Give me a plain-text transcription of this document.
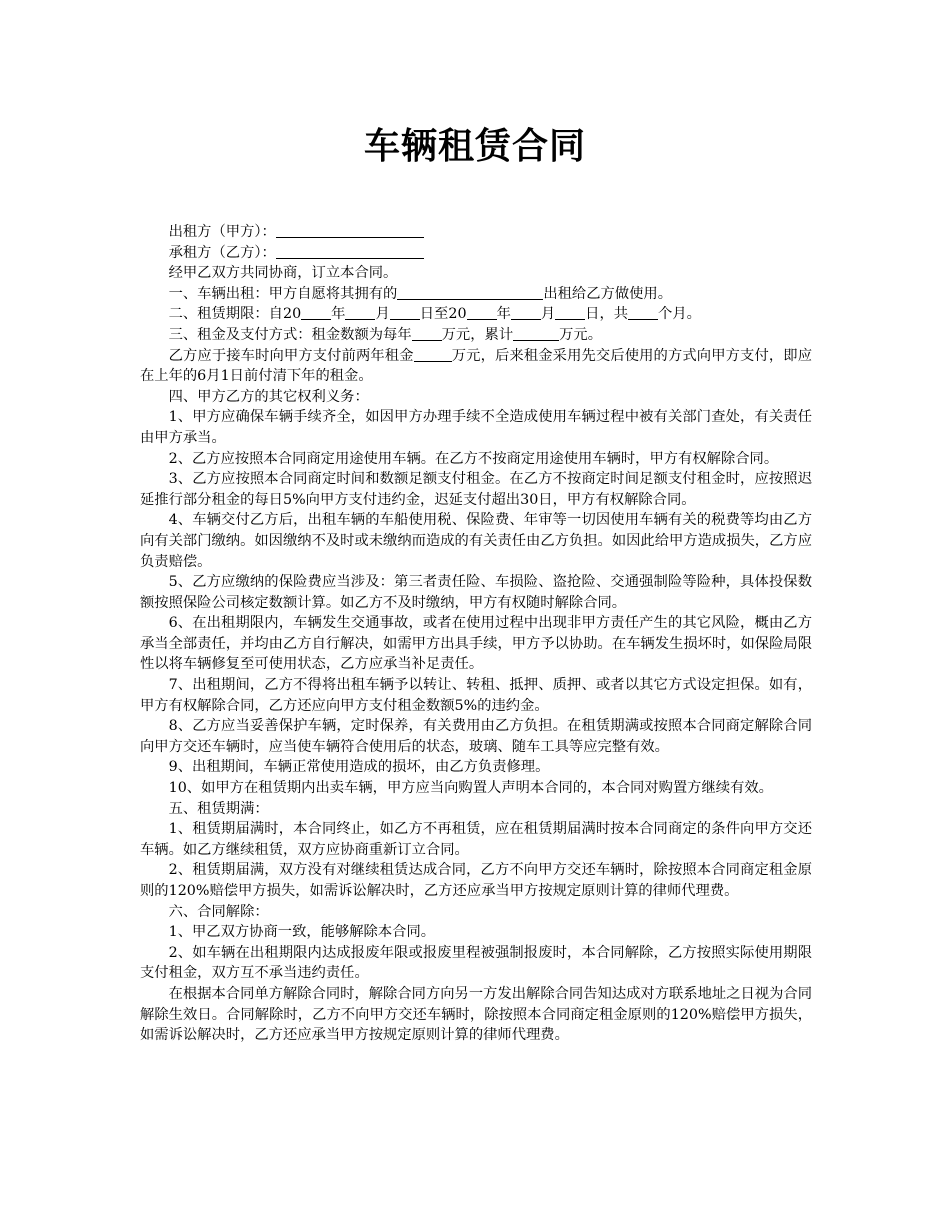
车辆租赁合同

出租方（甲方）：

承租方（乙方）：

经甲乙双方共同协商，订立本合同。

一、车辆出租：甲方自愿将其拥有的	出租给乙方做使用。

二、租赁期限：自20 年 月 日至20 年 月 日，共 个月。

三、租金及支付方式：租金数额为每年 万元，累计	万元。

乙方应于接车时向甲方支付前两年租金	万元，后来租金采用先交后使用的方式向甲方支付，即应在上年的6月1日前付清下年的租金。

四、甲方乙方的其它权利义务：

1、甲方应确保车辆手续齐全，如因甲方办理手续不全造成使用车辆过程中被有关部门查处，有关责任由甲方承当。

2、乙方应按照本合同商定用途使用车辆。在乙方不按商定用途使用车辆时，甲方有权解除合同。

3、乙方应按照本合同商定时间和数额足额支付租金。在乙方不按商定时间足额支付租金时，应按照迟延推行部分租金的每日5%向甲方支付违约金，迟延支付超出30日，甲方有权解除合同。

4、车辆交付乙方后，出租车辆的车船使用税、保险费、年审等一切因使用车辆有关的税费等均由乙方向有关部门缴纳。如因缴纳不及时或未缴纳而造成的有关责任由乙方负担。如因此给甲方造成损失，乙方应负责赔偿。

5、乙方应缴纳的保险费应当涉及：第三者责任险、车损险、盗抢险、交通强制险等险种，具体投保数额按照保险公司核定数额计算。如乙方不及时缴纳，甲方有权随时解除合同。

6、在出租期限内，车辆发生交通事故，或者在使用过程中出现非甲方责任产生的其它风险，概由乙方承当全部责任，并均由乙方自行解决，如需甲方出具手续，甲方予以协助。在车辆发生损坏时，如保险局限性以将车辆修复至可使用状态，乙方应承当补足责任。

7、出租期间，乙方不得将出租车辆予以转让、转租、抵押、质押、或者以其它方式设定担保。如有，甲方有权解除合同，乙方还应向甲方支付租金数额5%的违约金。

8、乙方应当妥善保护车辆，定时保养，有关费用由乙方负担。在租赁期满或按照本合同商定解除合同向甲方交还车辆时，应当使车辆符合使用后的状态，玻璃、随车工具等应完整有效。

9、出租期间，车辆正常使用造成的损坏，由乙方负责修理。

10、如甲方在租赁期内出卖车辆，甲方应当向购置人声明本合同的，本合同对购置方继续有效。

五、租赁期满：

1、租赁期届满时，本合同终止，如乙方不再租赁，应在租赁期届满时按本合同商定的条件向甲方交还车辆。如乙方继续租赁，双方应协商重新订立合同。

2、租赁期届满，双方没有对继续租赁达成合同，乙方不向甲方交还车辆时，除按照本合同商定租金原则的120%赔偿甲方损失，如需诉讼解决时，乙方还应承当甲方按规定原则计算的律师代理费。

六、合同解除：

1、甲乙双方协商一致，能够解除本合同。

2、如车辆在出租期限内达成报废年限或报废里程被强制报废时，本合同解除，乙方按照实际使用期限支付租金，双方互不承当违约责任。

在根据本合同单方解除合同时，解除合同方向另一方发出解除合同告知达成对方联系地址之日视为合同解除生效日。合同解除时，乙方不向甲方交还车辆时，除按照本合同商定租金原则的120%赔偿甲方损失，如需诉讼解决时，乙方还应承当甲方按规定原则计算的律师代理费。
